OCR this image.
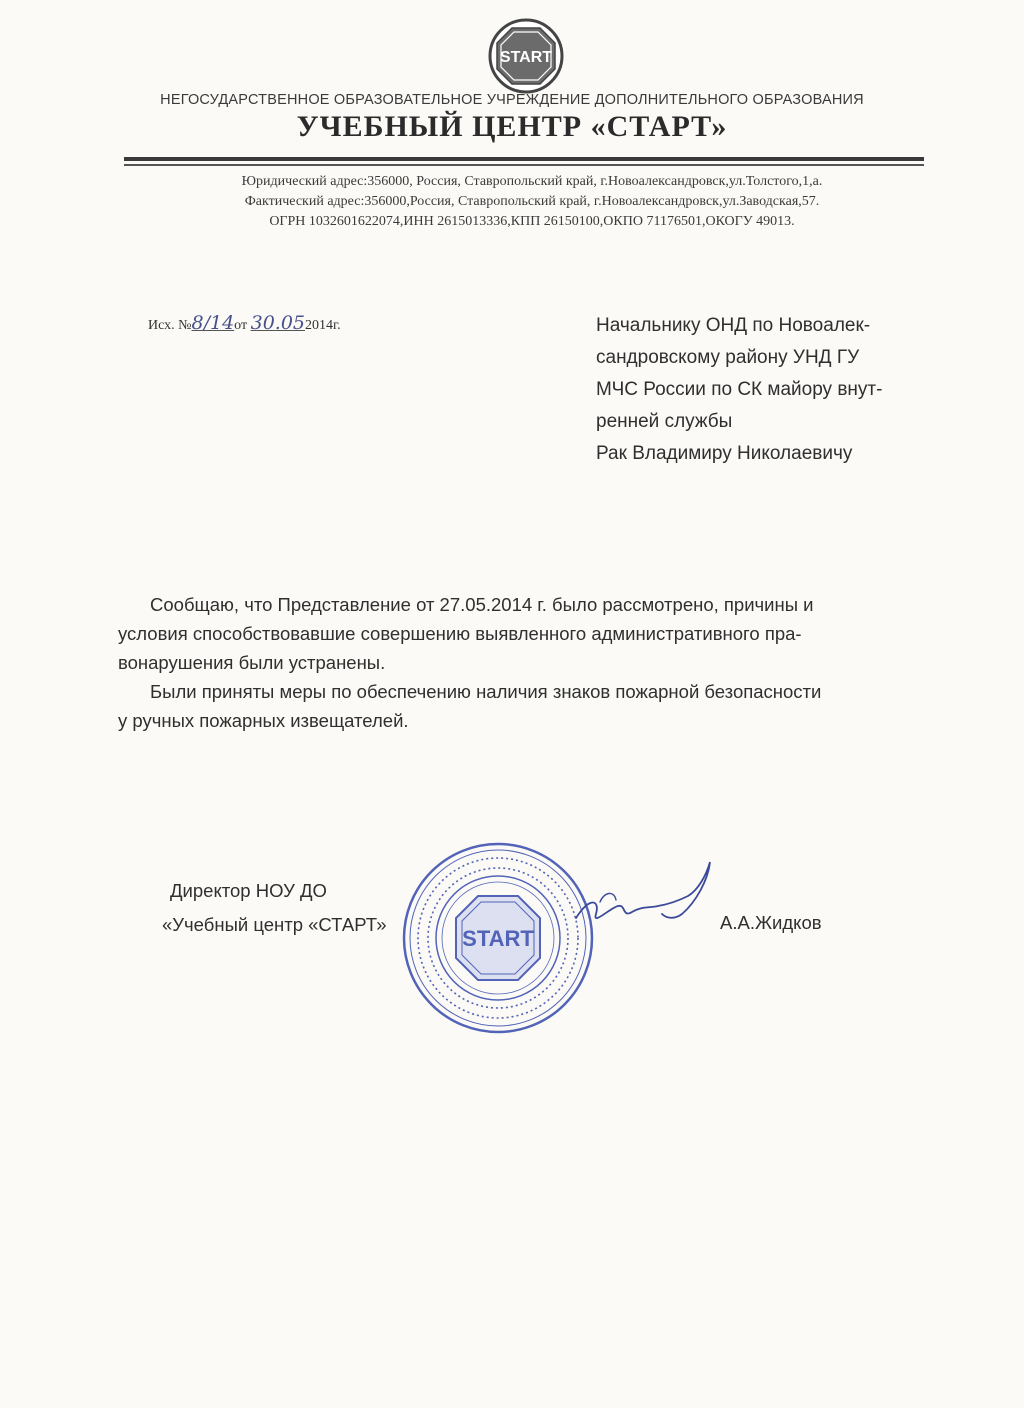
START
НЕГОСУДАРСТВЕННОЕ ОБРАЗОВАТЕЛЬНОЕ УЧРЕЖДЕНИЕ ДОПОЛНИТЕЛЬНОГО ОБРАЗОВАНИЯ
УЧЕБНЫЙ ЦЕНТР «СТАРТ»
Юридический адрес:356000, Россия, Ставропольский край, г.Новоалександровск,ул.Толстого,1,а.
Фактический адрес:356000,Россия, Ставропольский край, г.Новоалександровск,ул.Заводская,57.
ОГРН 1032601622074,ИНН 2615013336,КПП 26150100,ОКПО 71176501,ОКОГУ 49013.
Исх. №8/14от 30.052014г.	Начальнику ОНД по Новоалек-
сандровскому району УНД ГУ
МЧС России по СК майору внут-
ренней службы
Рак Владимиру Николаевичу
Сообщаю, что Представление от 27.05.2014 г. было рассмотрено, причины и
условия способствовавшие совершению выявленного административного пра-
вонарушения были устранены.
Были приняты меры по обеспечению наличия знаков пожарной безопасности
у ручных пожарных извещателей.
Директор НОУ ДО
«Учебный центр «СТАРТ»
START
А.А.Жидков
